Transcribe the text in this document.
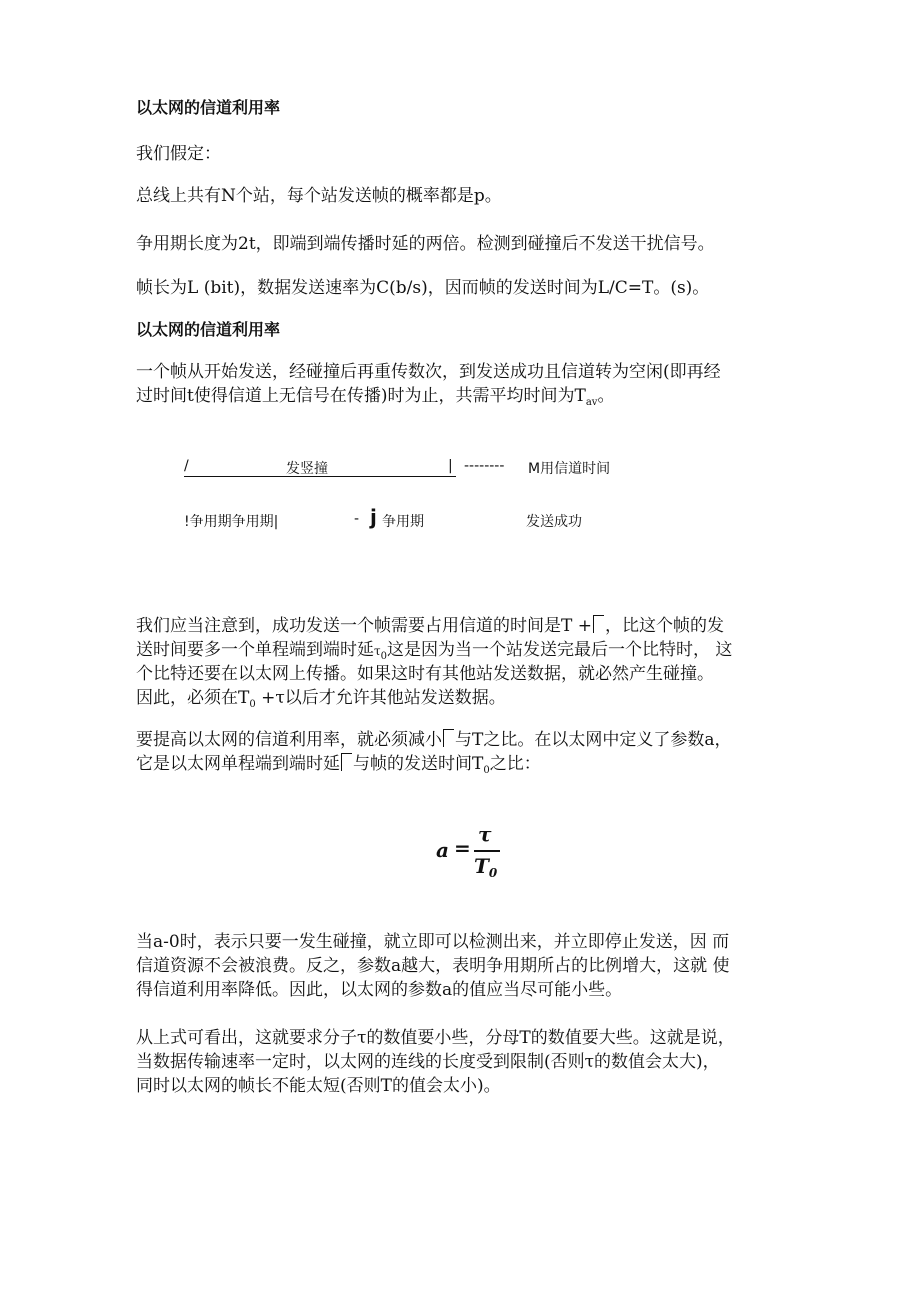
以太网的信道利用率
我们假定：
总线上共有N个站，每个站发送帧的概率都是p。
争用期长度为2t，即端到端传播时延的两倍。检测到碰撞后不发送干扰信号。
帧长为L (bit)，数据发送速率为C(b/s)，因而帧的发送时间为L/C=T。(s)。
以太网的信道利用率
一个帧从开始发送，经碰撞后再重传数次，到发送成功且信道转为空闲(即再经
过时间t使得信道上无信号在传播)时为止，共需平均时间为$T_{av}$。
/	发竖撞	| -------- M用信道时间
!争用期争用期|	- j 争用期	发送成功
我们应当注意到，成功发送一个帧需要占用信道的时间是T + ，比这个帧的发
送时间要多一个单程端到端时延$\tau_0$这是因为当一个站发送完最后一个比特时， 这
个比特还要在以太网上传播。如果这时有其他站发送数据，就必然产生碰撞。
因此，必须在$T_0 +\tau$以后才允许其他站发送数据。
要提高以太网的信道利用率，就必须减小 与T之比。在以太网中定义了参数a，
它是以太网单程端到端时延 与帧的发送时间$T_0$之比：
a =
τ
$T_0$
当a-0时，表示只要一发生碰撞，就立即可以检测出来，并立即停止发送，因 而
信道资源不会被浪费。反之，参数a越大，表明争用期所占的比例增大，这就 使
得信道利用率降低。因此，以太网的参数a的值应当尽可能小些。
从上式可看出，这就要求分子τ的数值要小些，分母T的数值要大些。这就是说，
当数据传输速率一定时，以太网的连线的长度受到限制(否则τ的数值会太大)，
同时以太网的帧长不能太短(否则T的值会太小)。
